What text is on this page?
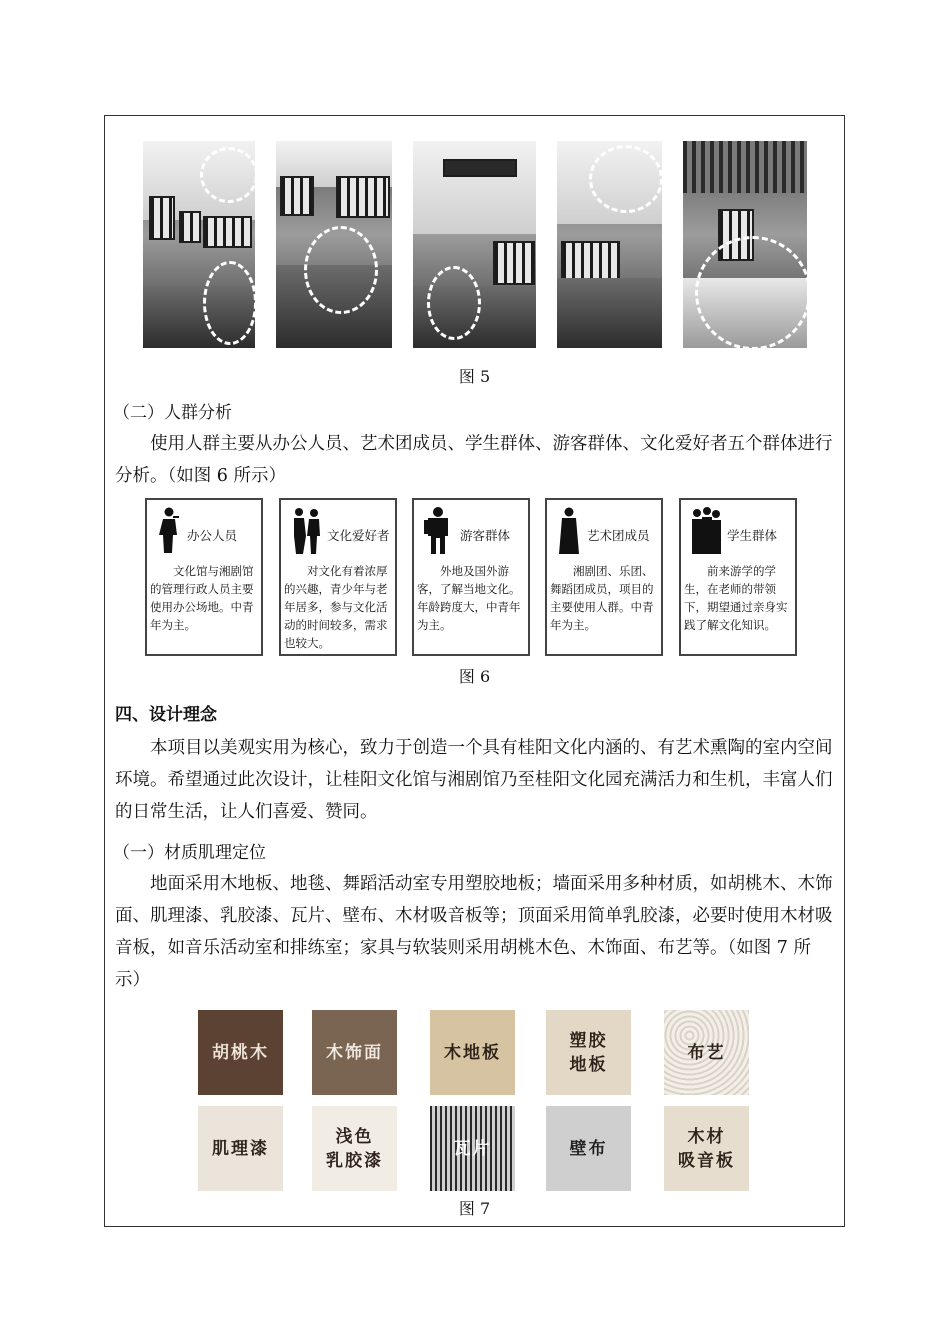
图 5
（二）人群分析
使用人群主要从办公人员、艺术团成员、学生群体、游客群体、文化爱好者五个群体进行分析。（如图 6 所示）
办公人员
文化馆与湘剧馆的管理行政人员主要使用办公场地。中青年为主。
文化爱好者
对文化有着浓厚的兴趣，青少年与老年居多，参与文化活动的时间较多，需求也较大。
游客群体
外地及国外游客，了解当地文化。年龄跨度大，中青年为主。
艺术团成员
湘剧团、乐团、舞蹈团成员，项目的主要使用人群。中青年为主。
学生群体
前来游学的学生，在老师的带领下，期望通过亲身实践了解文化知识。
图 6
四、设计理念
本项目以美观实用为核心，致力于创造一个具有桂阳文化内涵的、有艺术熏陶的室内空间环境。希望通过此次设计，让桂阳文化馆与湘剧馆乃至桂阳文化园充满活力和生机，丰富人们的日常生活，让人们喜爱、赞同。
（一）材质肌理定位
地面采用木地板、地毯、舞蹈活动室专用塑胶地板；墙面采用多种材质，如胡桃木、木饰面、肌理漆、乳胶漆、瓦片、壁布、木材吸音板等；顶面采用简单乳胶漆，必要时使用木材吸音板，如音乐活动室和排练室；家具与软装则采用胡桃木色、木饰面、布艺等。（如图 7 所示）
胡桃木	木饰面	木地板
塑胶
地板
布艺
肌理漆
浅色
乳胶漆
瓦片	壁布
木材
吸音板
图 7
